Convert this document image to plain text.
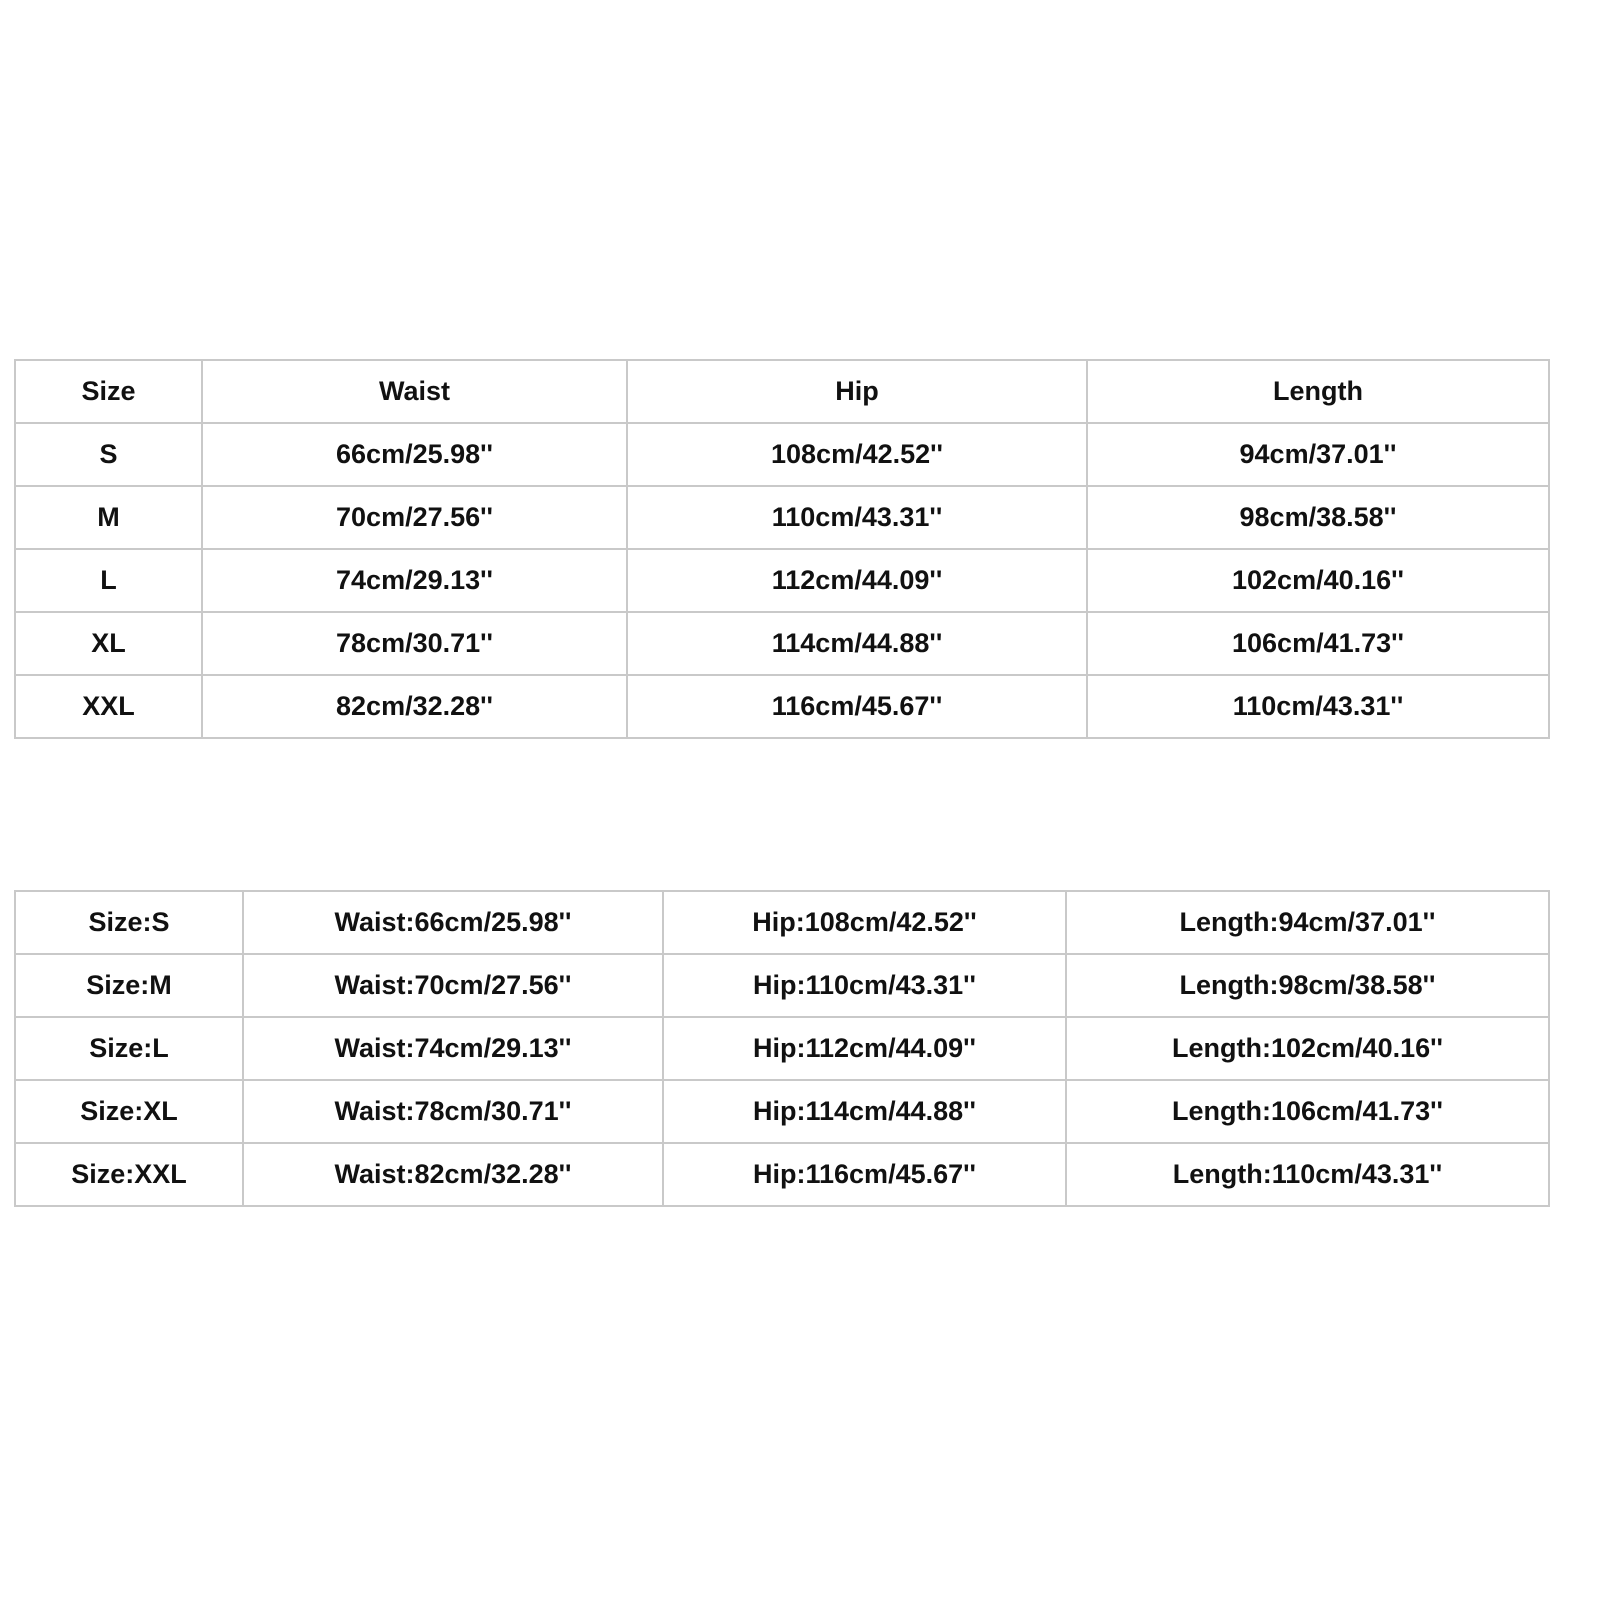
Size	Waist	Hip	Length
S	66cm/25.98''	108cm/42.52''	94cm/37.01''
M	70cm/27.56''	110cm/43.31''	98cm/38.58''
L	74cm/29.13''	112cm/44.09''	102cm/40.16''
XL	78cm/30.71''	114cm/44.88''	106cm/41.73''
XXL	82cm/32.28''	116cm/45.67''	110cm/43.31''
Size:S	Waist:66cm/25.98''	Hip:108cm/42.52''	Length:94cm/37.01''
Size:M	Waist:70cm/27.56''	Hip:110cm/43.31''	Length:98cm/38.58''
Size:L	Waist:74cm/29.13''	Hip:112cm/44.09''	Length:102cm/40.16''
Size:XL	Waist:78cm/30.71''	Hip:114cm/44.88''	Length:106cm/41.73''
Size:XXL	Waist:82cm/32.28''	Hip:116cm/45.67''	Length:110cm/43.31''
